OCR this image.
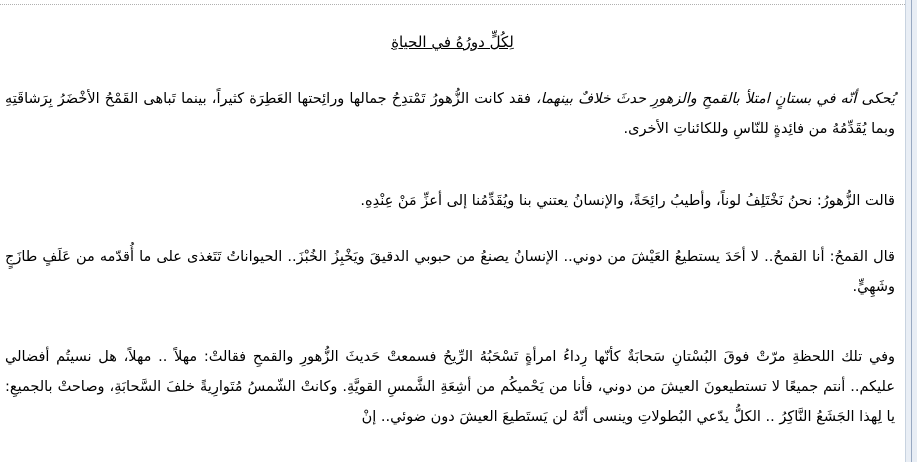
لِكُلٍّ دورُهُ في الحياةِ

يُحكى أنّه في بستانٍ امتلأ بالقمحِ والزهورِ حدثَ خلافٌ بينهما، فقد كانت الزُّهورُ تَمْتدِحُ جمالها ورائِحتها العَطِرَة كثيراً، بينما تَباهى القَمْحُ الأخْضَرُ بِرَشاقَتِهِ وبما يُقَدِّمُهُ من فائِدةٍ للنّاسِ وللكائناتِ الأخرى.

قالت الزُّهورُ: نحنُ نَخْتَلِفُ لوناً، وأطيبُ رائِحَةً، والإنسانُ يعتني بنا ويُقَدِّمُنا إلى أعزِّ مَنْ عِنْدِهِ.

قال القمحُ: أنا القمحُ.. لا أحَدَ يستطيعُ العَيْشَ من دوني.. الإنسانُ يصنعُ من حبوبي الدقيقَ ويَخْبِزُ الخُبْزَ.. الحيواناتُ تَتَغذى على ما أُقدّمه من عَلَفٍ طازَجٍ وشَهِيٍّ.

وفي تلك اللحظةِ مرّتْ فوقَ البُسْتانِ سَحابَةٌ كأنّها رِداءُ امرأةٍ تَسْحَبُهُ الرِّيحُ فسمعتْ حَديثَ الزُّهورِ والقمحِ فقالتْ: مهلاً .. مهلاً، هل نسيتُم أفضالي عليكم.. أنتم جميعًا لا تستطيعونَ العيشَ من دوني، فأنا من يَحْميكُم من أشِعَةِ الشَّمسِ القويَّةِ. وكانتْ الشّمسُ مُتَوارِيةً خلفَ السَّحابَةِ، وصاحتْ بالجميعِ: يا لِهذا الجَشَعُ النَّاكِرُ .. الكلُّ يدّعي البُطولاتِ وينسى أنّهُ لن يَستَطيعَ العيشَ دون ضوئي.. إنْ
